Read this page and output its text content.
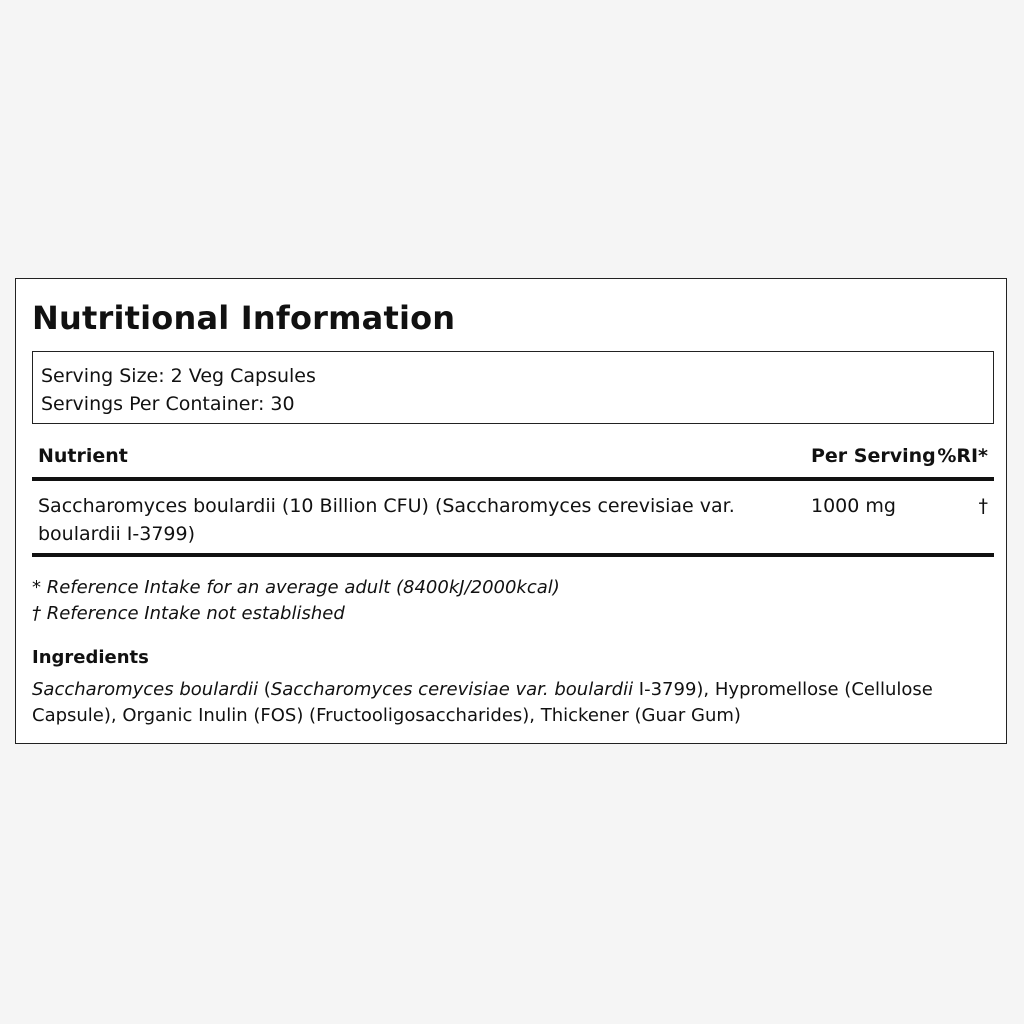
Nutritional Information
Serving Size: 2 Veg Capsules
Servings Per Container: 30
Nutrient	Per Serving %RI*
Saccharomyces boulardii (10 Billion CFU) (Saccharomyces cerevisiae var. boulardii I-3799)
1000 mg	†
* Reference Intake for an average adult (8400kJ/2000kcal)
† Reference Intake not established
Ingredients
Saccharomyces boulardii (Saccharomyces cerevisiae var. boulardii I-3799), Hypromellose (Cellulose Capsule), Organic Inulin (FOS) (Fructooligosaccharides), Thickener (Guar Gum)
